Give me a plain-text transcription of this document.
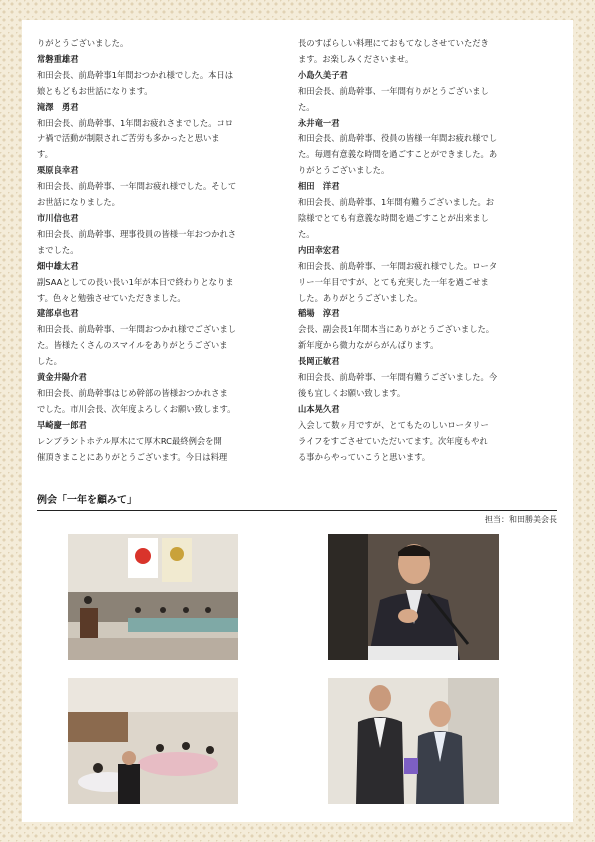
りがとうございました。

常磐重雄君

和田会長、前島幹事1年間おつかれ様でした。本日は

娘ともどもお世話になります。

滝澤　勇君

和田会長、前島幹事、1年間お疲れさまでした。コロ

ナ禍で活動が制限されご苦労も多かったと思いま

す。

栗原良幸君

和田会長、前島幹事、一年間お疲れ様でした。そして

お世話になりました。

市川信也君

和田会長、前島幹事、理事役員の皆様一年おつかれさ

までした。

畑中雄太君

副SAAとしての長い長い1年が本日で終わりとなりま

す。色々と勉強させていただきました。

建部卓也君

和田会長、前島幹事、一年間おつかれ様でございまし

た。皆様たくさんのスマイルをありがとうございま

した。

黄金井陽介君

和田会長、前島幹事はじめ幹部の皆様おつかれさま

でした。市川会長、次年度よろしくお願い致します。

早崎慶一郎君

レンブラントホテル厚木にて厚木RC最終例会を開

催頂きまことにありがとうございます。今日は料理

長のすばらしい料理にておもてなしさせていただき

ます。お楽しみくださいませ。

小島久美子君

和田会長、前島幹事、一年間有りがとうございまし

た。

永井竜一君

和田会長、前島幹事、役員の皆様一年間お疲れ様でし

た。毎週有意義な時間を過ごすことができました。あ

りがとうございました。

相田　洋君

和田会長、前島幹事、1年間有難うございました。お

陰様でとても有意義な時間を過ごすことが出来まし

た。

内田幸宏君

和田会長、前島幹事、一年間お疲れ様でした。ロータ

リー一年目ですが、とても充実した一年を過ごせま

した。ありがとうございました。

稲場　淳君

会長、副会長1年間本当にありがとうございました。

新年度から微力ながらがんばります。

長岡正敏君

和田会長、前島幹事、一年間有難うございました。今

後も宜しくお願い致します。

山本晃久君

入会して数ヶ月ですが、とてもたのしいロータリー

ライフをすごさせていただいてます。次年度もやれ

る事からやっていこうと思います。

例会「一年を顧みて」
担当：和田勝美会長
